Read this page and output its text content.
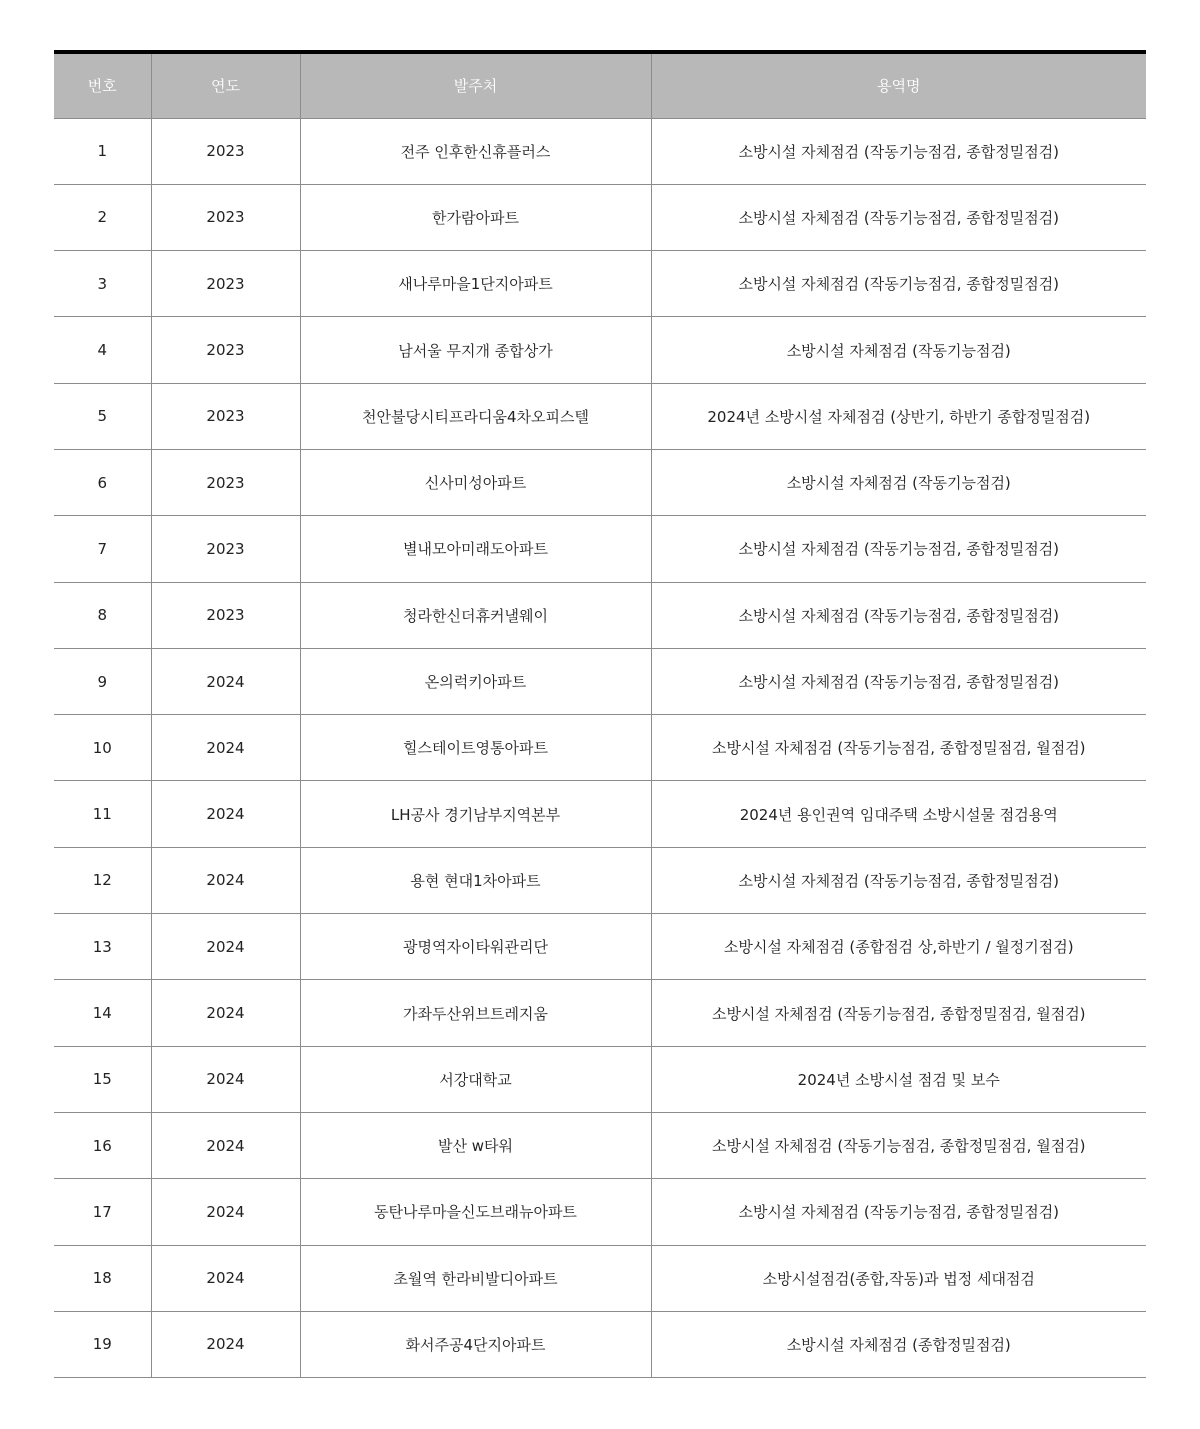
번호	연도	발주처	용역명
1	2023	전주 인후한신휴플러스	소방시설 자체점검 (작동기능점검, 종합정밀점검)
2	2023	한가람아파트	소방시설 자체점검 (작동기능점검, 종합정밀점검)
3	2023	새나루마을1단지아파트	소방시설 자체점검 (작동기능점검, 종합정밀점검)
4	2023	남서울 무지개 종합상가	소방시설 자체점검 (작동기능점검)
5	2023	천안불당시티프라디움4차오피스텔	2024년 소방시설 자체점검 (상반기, 하반기 종합정밀점검)
6	2023	신사미성아파트	소방시설 자체점검 (작동기능점검)
7	2023	별내모아미래도아파트	소방시설 자체점검 (작동기능점검, 종합정밀점검)
8	2023	청라한신더휴커낼웨이	소방시설 자체점검 (작동기능점검, 종합정밀점검)
9	2024	온의럭키아파트	소방시설 자체점검 (작동기능점검, 종합정밀점검)
10	2024	힐스테이트영통아파트	소방시설 자체점검 (작동기능점검, 종합정밀점검, 월점검)
11	2024	LH공사 경기남부지역본부	2024년 용인권역 임대주택 소방시설물 점검용역
12	2024	용현 현대1차아파트	소방시설 자체점검 (작동기능점검, 종합정밀점검)
13	2024	광명역자이타워관리단	소방시설 자체점검 (종합점검 상,하반기 / 월정기점검)
14	2024	가좌두산위브트레지움	소방시설 자체점검 (작동기능점검, 종합정밀점검, 월점검)
15	2024	서강대학교	2024년 소방시설 점검 및 보수
16	2024	발산 w타워	소방시설 자체점검 (작동기능점검, 종합정밀점검, 월점검)
17	2024	동탄나루마을신도브래뉴아파트	소방시설 자체점검 (작동기능점검, 종합정밀점검)
18	2024	초월역 한라비발디아파트	소방시설점검(종합,작동)과 법정 세대점검
19	2024	화서주공4단지아파트	소방시설 자체점검 (종합정밀점검)
